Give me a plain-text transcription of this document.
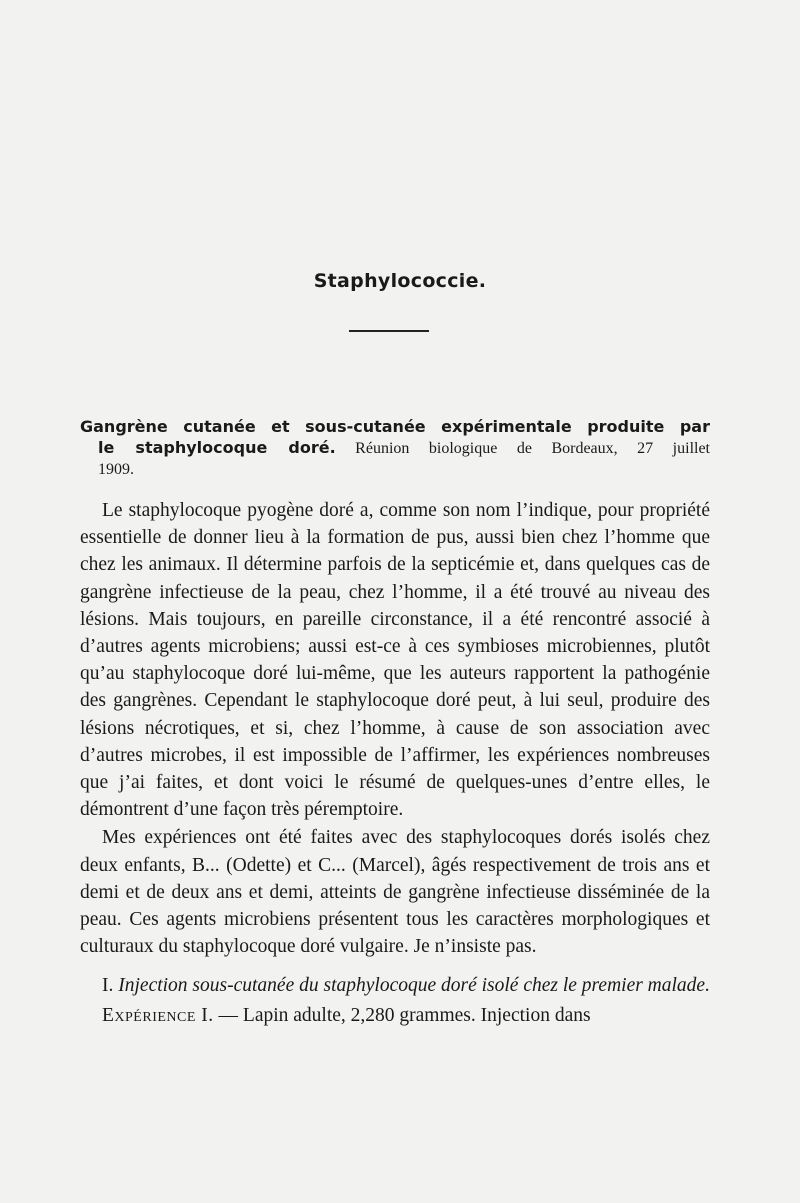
Staphylococcie.
Gangrène cutanée et sous-cutanée expérimentale produite par
le staphylocoque doré. Réunion biologique de Bordeaux, 27 juillet
1909.

Le staphylocoque pyogène doré a, comme son nom l’indique, pour propriété essentielle de donner lieu à la formation de pus, aussi bien chez l’homme que chez les animaux. Il détermine parfois de la septicémie et, dans quelques cas de gangrène infectieuse de la peau, chez l’homme, il a été trouvé au niveau des lésions. Mais toujours, en pareille circonstance, il a été rencontré associé à d’autres agents microbiens; aussi est-ce à ces symbioses microbiennes, plutôt qu’au staphylocoque doré lui-même, que les auteurs rapportent la pathogénie des gangrènes. Cependant le staphylocoque doré peut, à lui seul, produire des lésions nécrotiques, et si, chez l’homme, à cause de son association avec d’autres microbes, il est impossible de l’affirmer, les expériences nombreuses que j’ai faites, et dont voici le résumé de quelques-unes d’entre elles, le démontrent d’une façon très péremptoire.

Mes expériences ont été faites avec des staphylocoques dorés isolés chez deux enfants, B... (Odette) et C... (Marcel), âgés respectivement de trois ans et demi et de deux ans et demi, atteints de gangrène infectieuse disséminée de la peau. Ces agents microbiens présentent tous les caractères morphologiques et culturaux du staphylocoque doré vulgaire. Je n’insiste pas.

I. Injection sous-cutanée du staphylocoque doré isolé chez le premier malade.

Expérience I. — Lapin adulte, 2,280 grammes. Injection dans
